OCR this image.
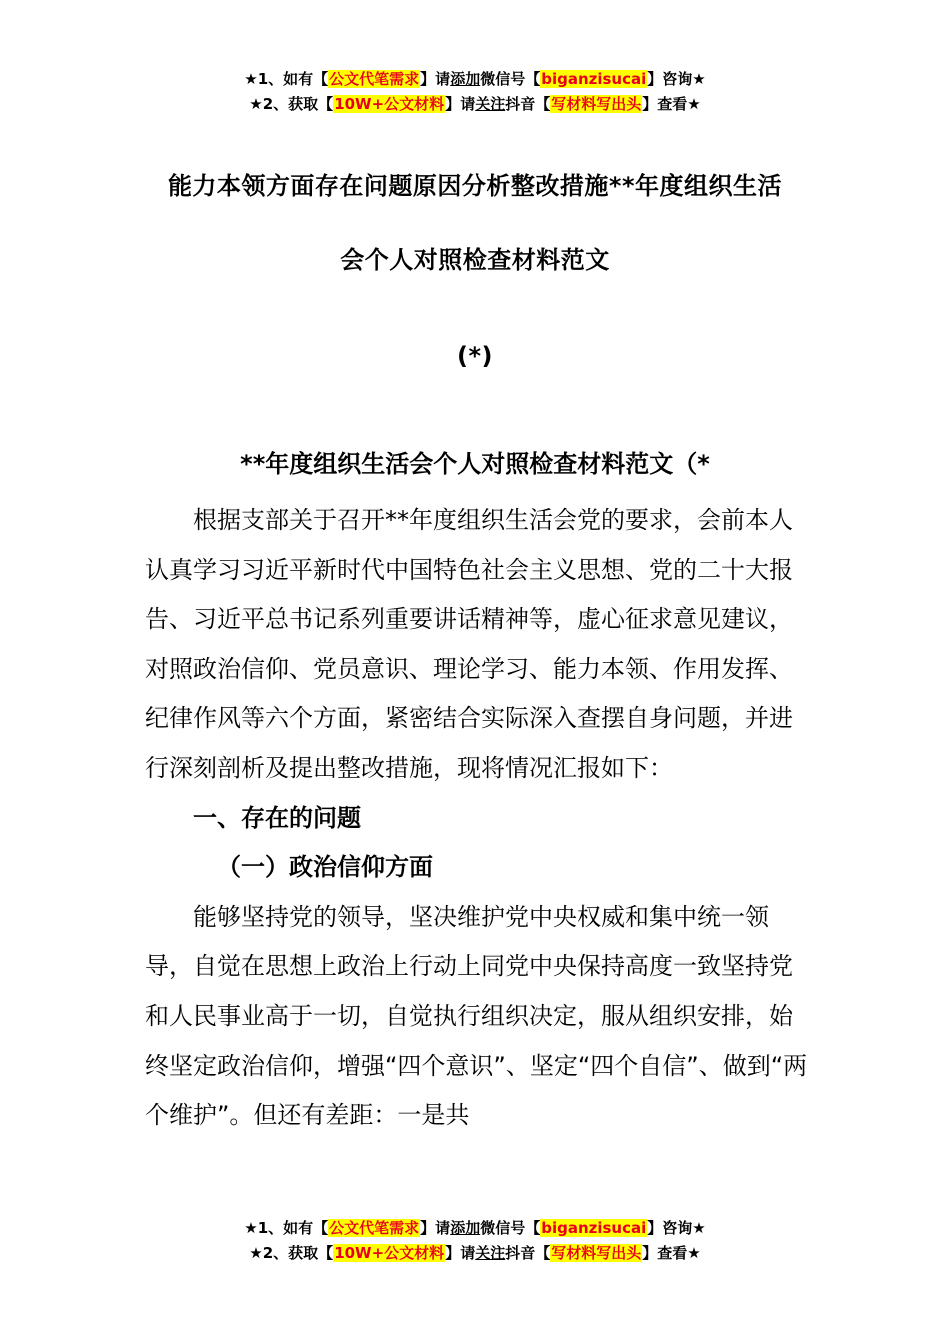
★1、如有【公文代笔需求】请添加微信号【biganzisucai】咨询★
★2、获取【10W+公文材料】请关注抖音【写材料写出头】查看★
能力本领方面存在问题原因分析整改措施**年度组织生活
会个人对照检查材料范文
(*)
**年度组织生活会个人对照检查材料范文（*

根据支部关于召开**年度组织生活会党的要求，会前本人认真学习习近平新时代中国特色社会主义思想、党的二十大报告、习近平总书记系列重要讲话精神等，虚心征求意见建议，对照政治信仰、党员意识、理论学习、能力本领、作用发挥、纪律作风等六个方面，紧密结合实际深入查摆自身问题，并进行深刻剖析及提出整改措施，现将情况汇报如下：

一、存在的问题

（一）政治信仰方面

能够坚持党的领导，坚决维护党中央权威和集中统一领导，自觉在思想上政治上行动上同党中央保持高度一致坚持党和人民事业高于一切，自觉执行组织决定，服从组织安排，始终坚定政治信仰，增强“四个意识”、坚定“四个自信”、做到“两个维护”。但还有差距：一是共

★1、如有【公文代笔需求】请添加微信号【biganzisucai】咨询★
★2、获取【10W+公文材料】请关注抖音【写材料写出头】查看★
